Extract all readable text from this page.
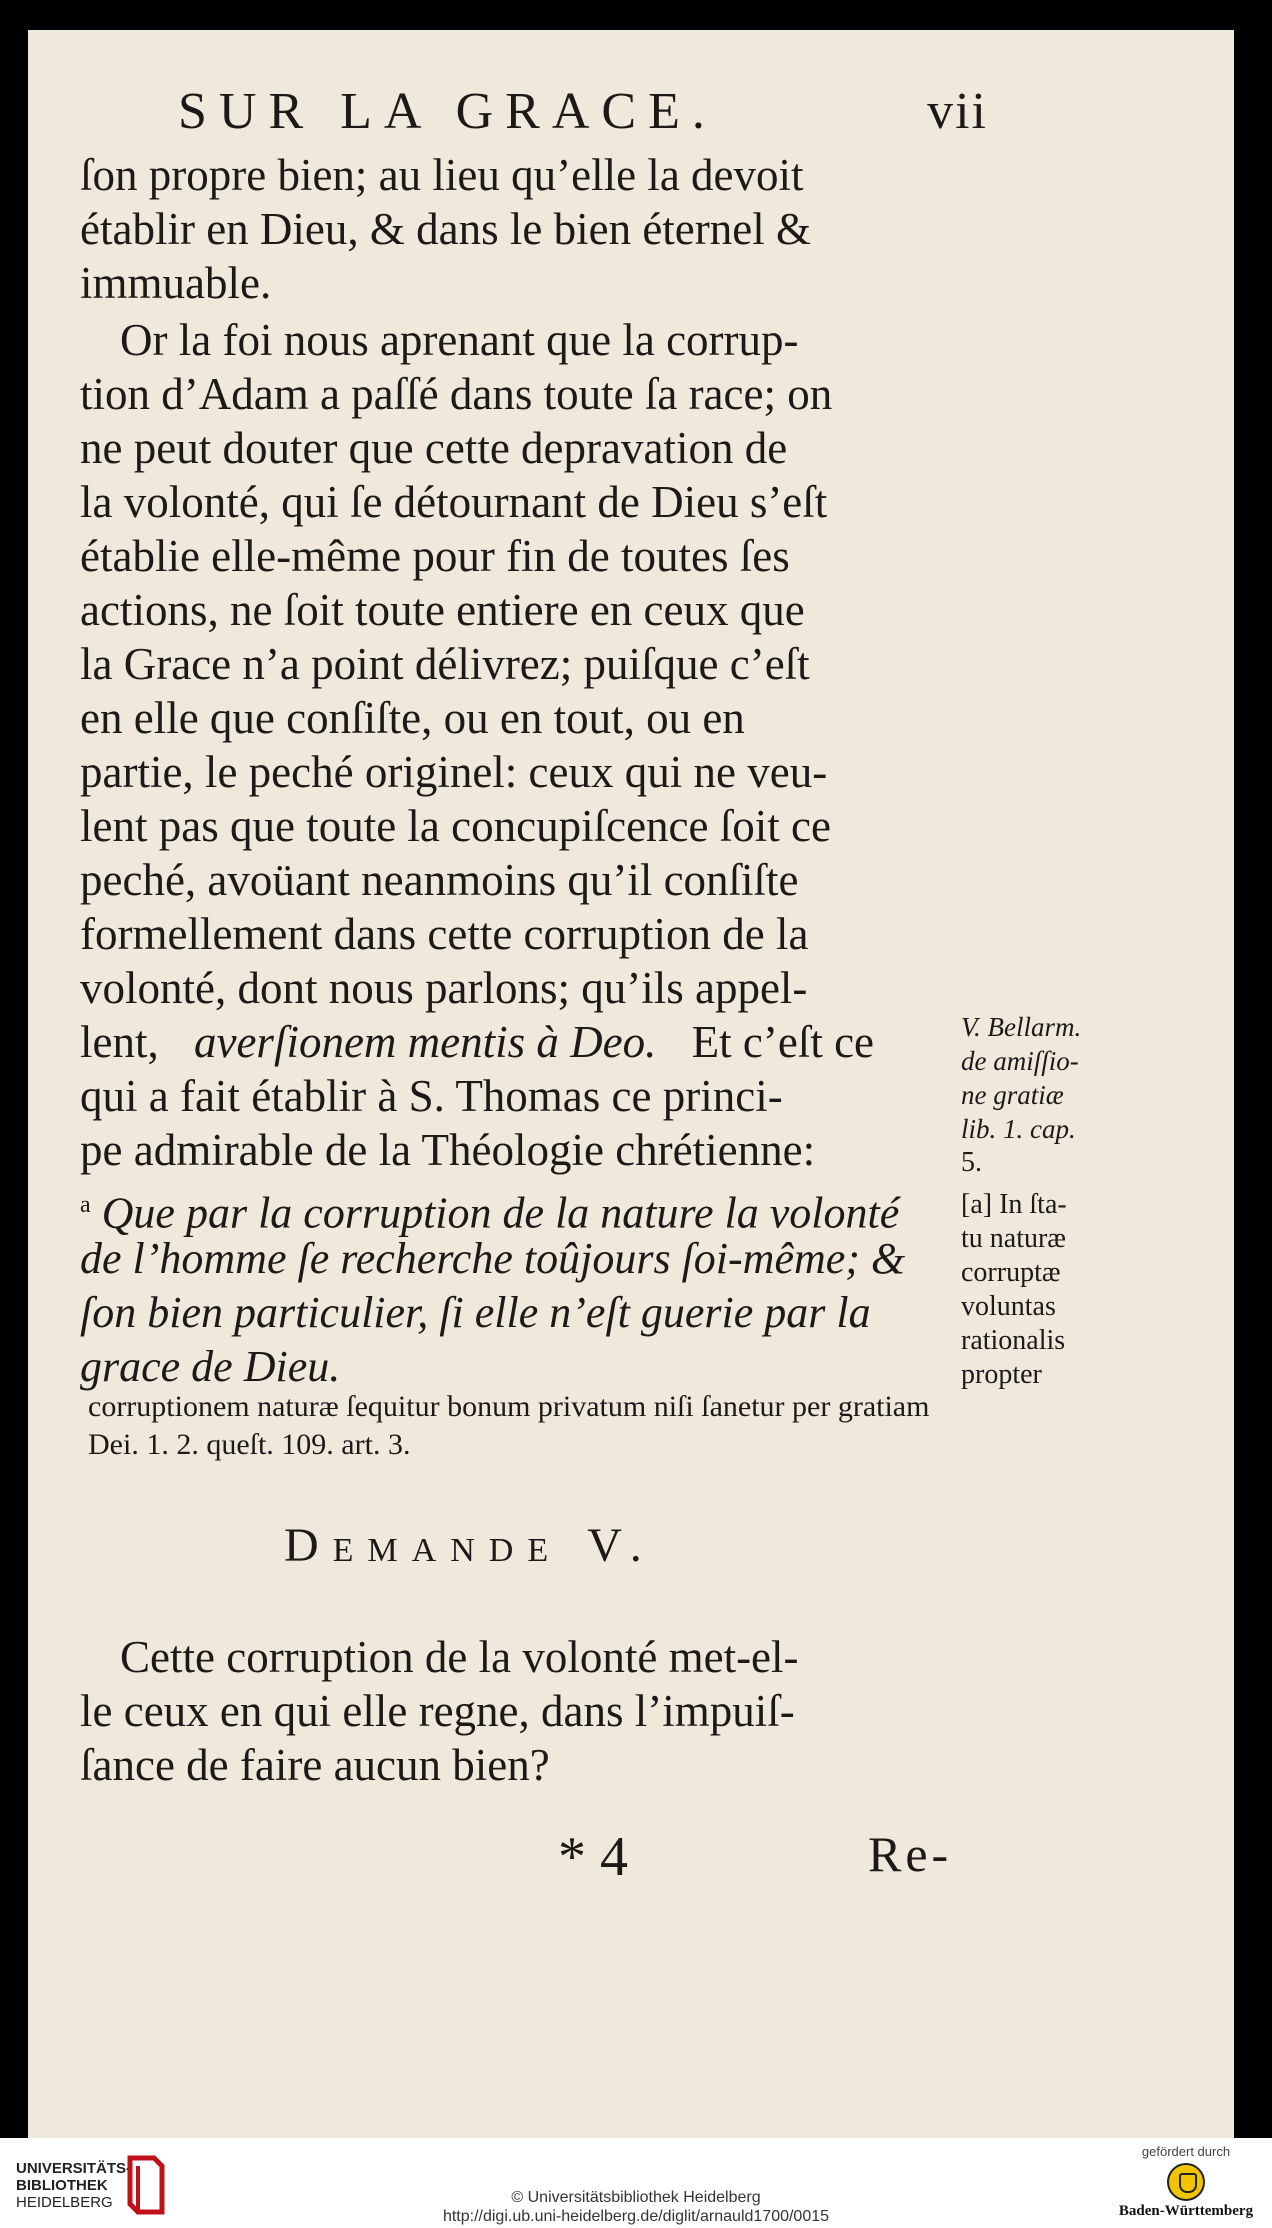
SUR LA GRACE.	vii
ſon propre bien; au lieu qu’elle la devoit
établir en Dieu, & dans le bien éternel &
immuable.
Or la foi nous aprenant que la corrup-
tion d’Adam a paſſé dans toute ſa race; on
ne peut douter que cette depravation de
la volonté, qui ſe détournant de Dieu s’eſt
établie elle-même pour fin de toutes ſes
actions, ne ſoit toute entiere en ceux que
la Grace n’a point délivrez; puiſque c’eſt
en elle que conſiſte, ou en tout, ou en
partie, le peché originel: ceux qui ne veu-
lent pas que toute la concupiſcence ſoit ce
peché, avoüant neanmoins qu’il conſiſte
formellement dans cette corruption de la
volonté, dont nous parlons; qu’ils appel-
lent, averſionem mentis à Deo. Et c’eſt ce
qui a fait établir à S. Thomas ce princi-
pe admirable de la Théologie chrétienne:
$^a$ Que par la corruption de la nature la volonté
de l’homme ſe recherche toûjours ſoi-même; &
ſon bien particulier, ſi elle n’eſt guerie par la
grace de Dieu.
V. Bellarm.
de amiſſio-
ne gratiæ
lib. 1. cap.
5.
[a] In ſta-
tu naturæ
corruptæ
voluntas
rationalis
propter
corruptionem naturæ ſequitur bonum privatum niſi ſanetur per gratiam
Dei. 1. 2. queſt. 109. art. 3.
Demande V.
Cette corruption de la volonté met-el-
le ceux en qui elle regne, dans l’impuiſ-
ſance de faire aucun bien?
* 4	Re-
UNIVERSITÄTS-
BIBLIOTHEK
HEIDELBERG	© Universitätsbibliothek Heidelberg
http://digi.ub.uni-heidelberg.de/diglit/arnauld1700/0015
gefördert durch
Baden-Württemberg
